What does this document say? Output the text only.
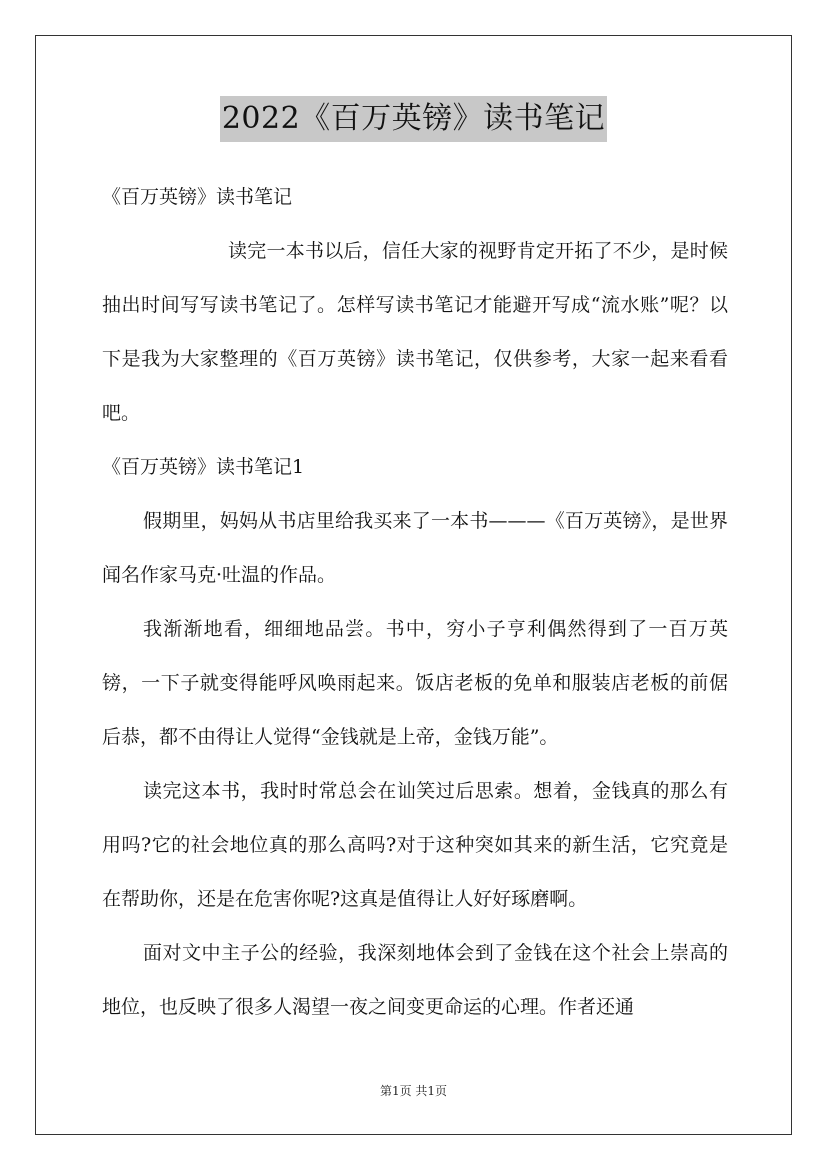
2022《百万英镑》读书笔记

《百万英镑》读书笔记

读完一本书以后，信任大家的视野肯定开拓了不少，是时候抽出时间写写读书笔记了。怎样写读书笔记才能避开写成“流水账”呢？以下是我为大家整理的《百万英镑》读书笔记，仅供参考，大家一起来看看吧。

《百万英镑》读书笔记1

假期里，妈妈从书店里给我买来了一本书———《百万英镑》，是世界闻名作家马克·吐温的作品。

我渐渐地看，细细地品尝。书中，穷小子亨利偶然得到了一百万英镑，一下子就变得能呼风唤雨起来。饭店老板的免单和服装店老板的前倨后恭，都不由得让人觉得“金钱就是上帝，金钱万能”。

读完这本书，我时时常总会在讪笑过后思索。想着，金钱真的那么有用吗?它的社会地位真的那么高吗?对于这种突如其来的新生活，它究竟是在帮助你，还是在危害你呢?这真是值得让人好好琢磨啊。

面对文中主子公的经验，我深刻地体会到了金钱在这个社会上崇高的地位，也反映了很多人渴望一夜之间变更命运的心理。作者还通

第1页 共1页
